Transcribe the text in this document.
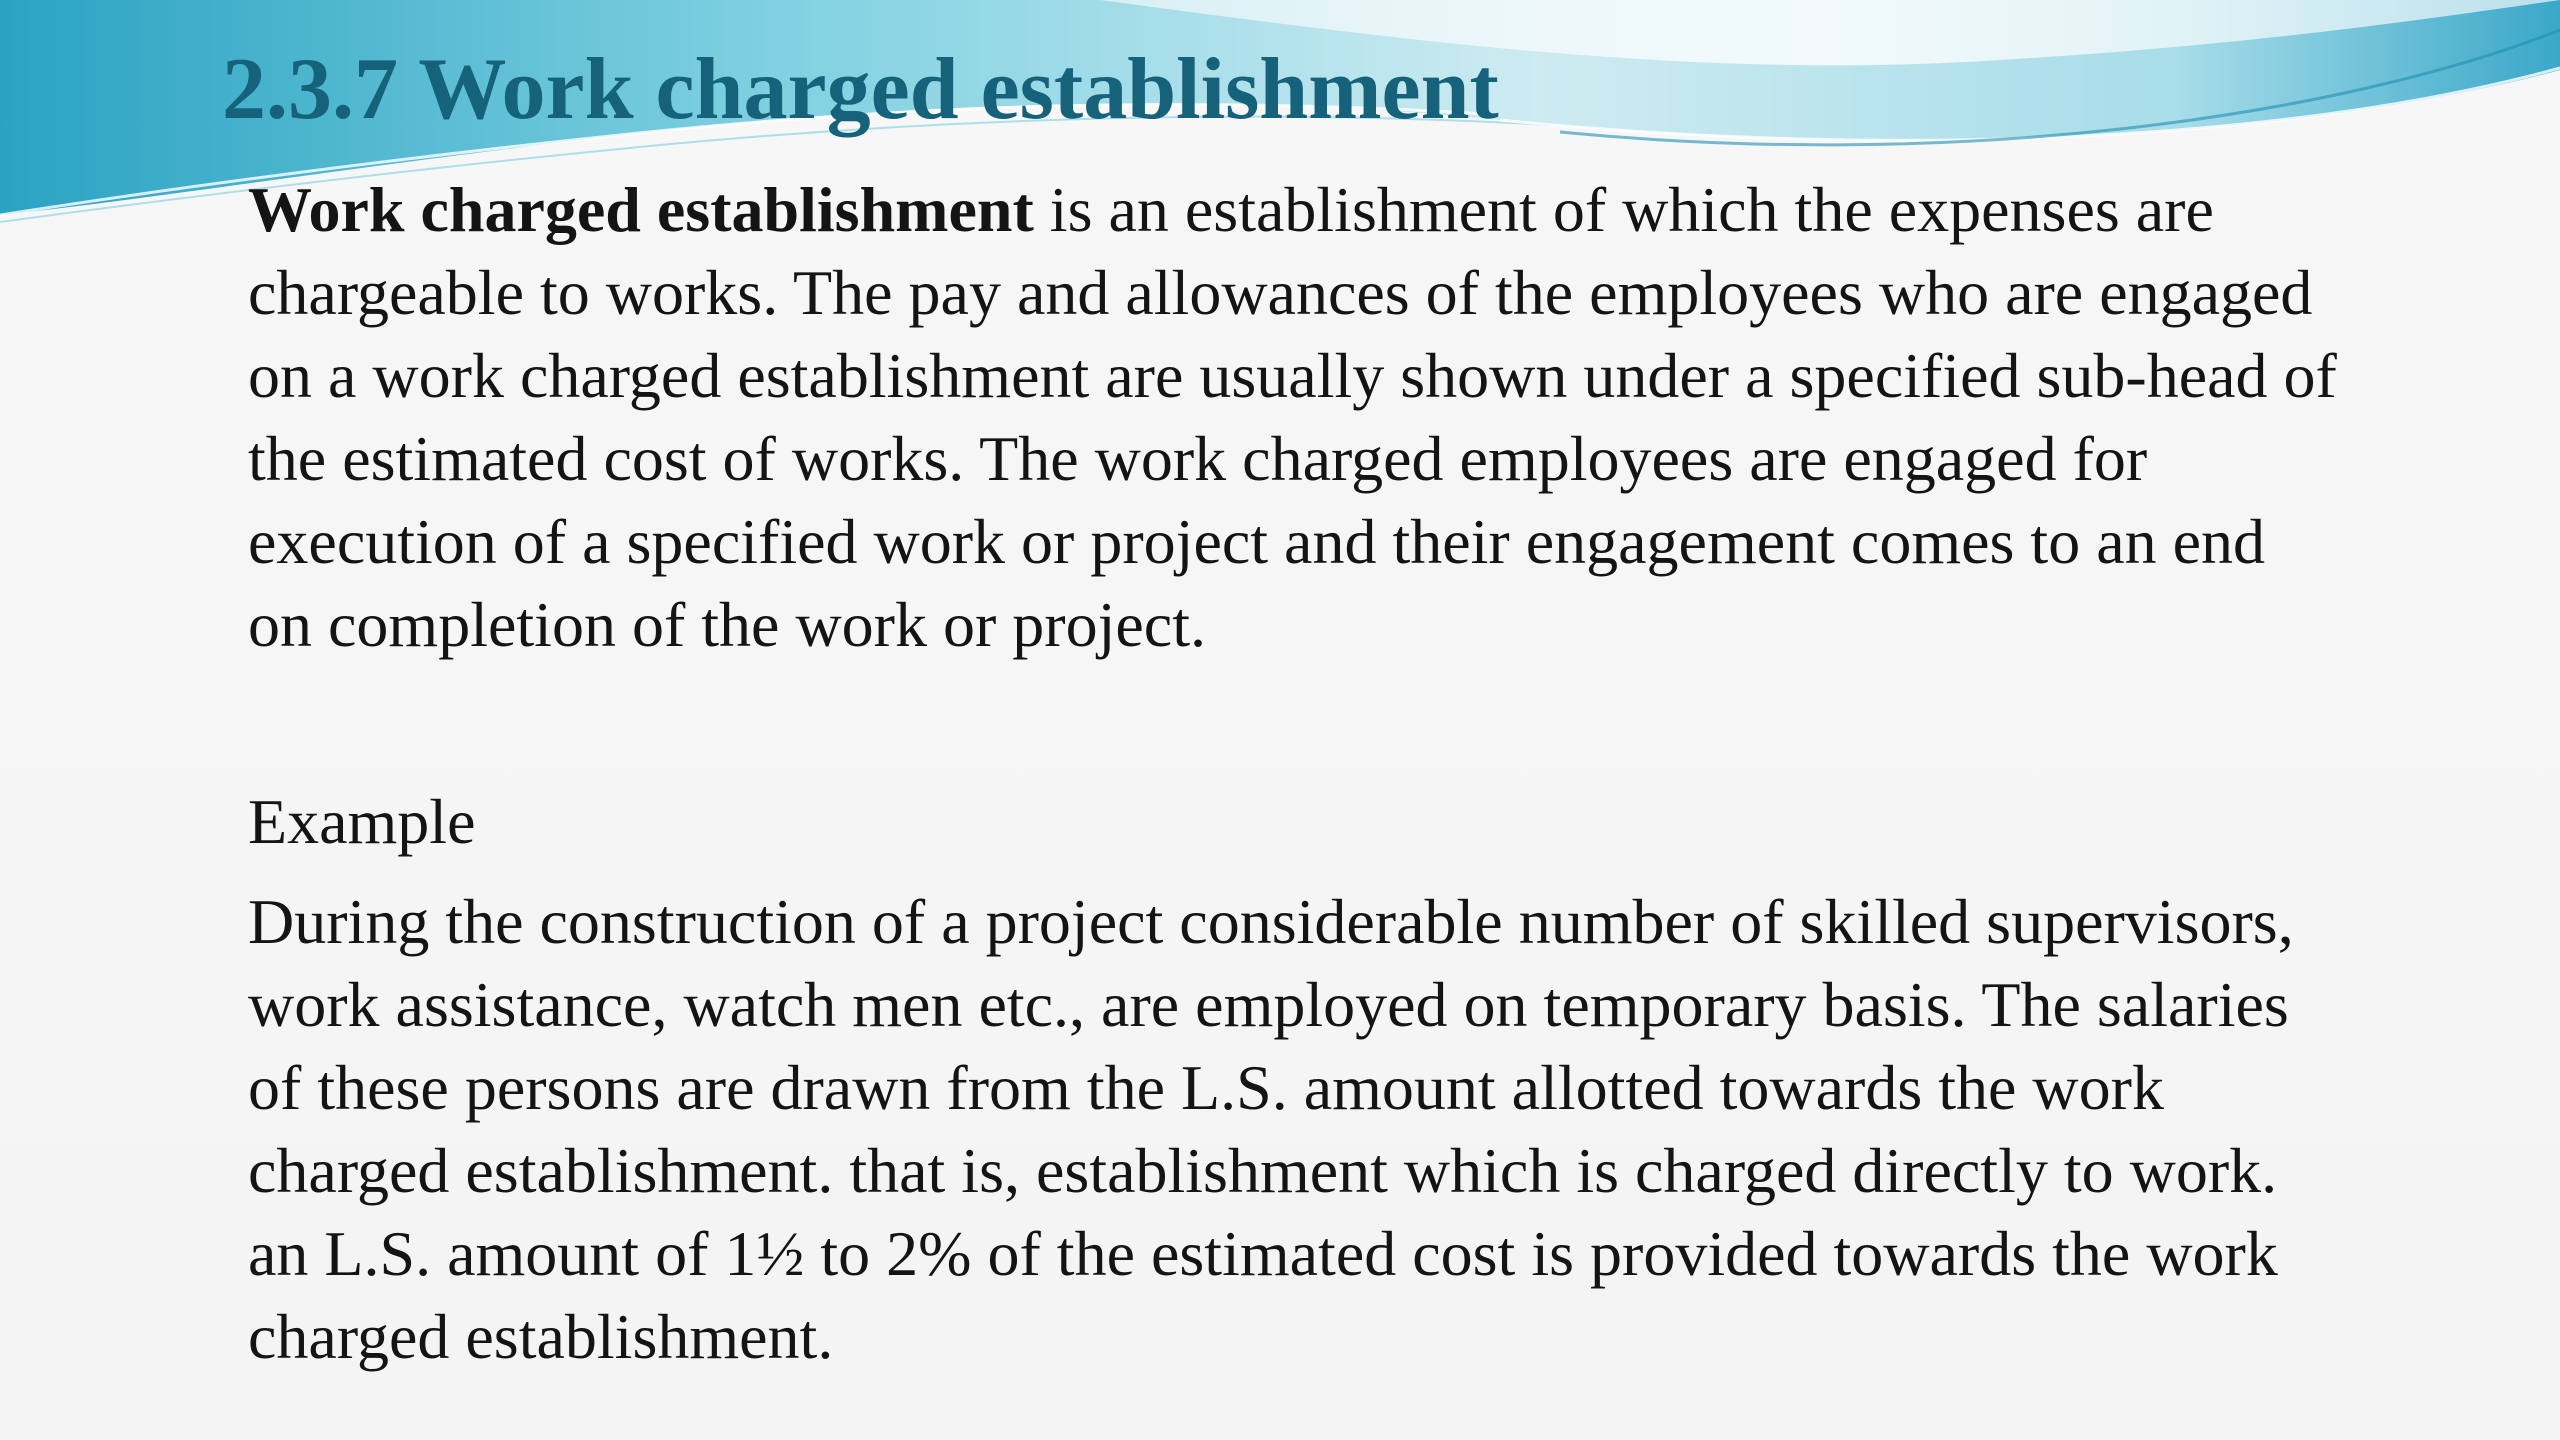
2.3.7 Work charged establishment

Work charged establishment is an establishment of which the expenses are chargeable to works. The pay and allowances of the employees who are engaged on a work charged establishment are usually shown under a specified sub-head of the estimated cost of works. The work charged employees are engaged for execution of a specified work or project and their engagement comes to an end on completion of the work or project.

Example

During the construction of a project considerable number of skilled supervisors, work assistance, watch men etc., are employed on temporary basis. The salaries of these persons are drawn from the L.S. amount allotted towards the work charged establishment. that is, establishment which is charged directly to work. an L.S. amount of 1½ to 2% of the estimated cost is provided towards the work charged establishment.
